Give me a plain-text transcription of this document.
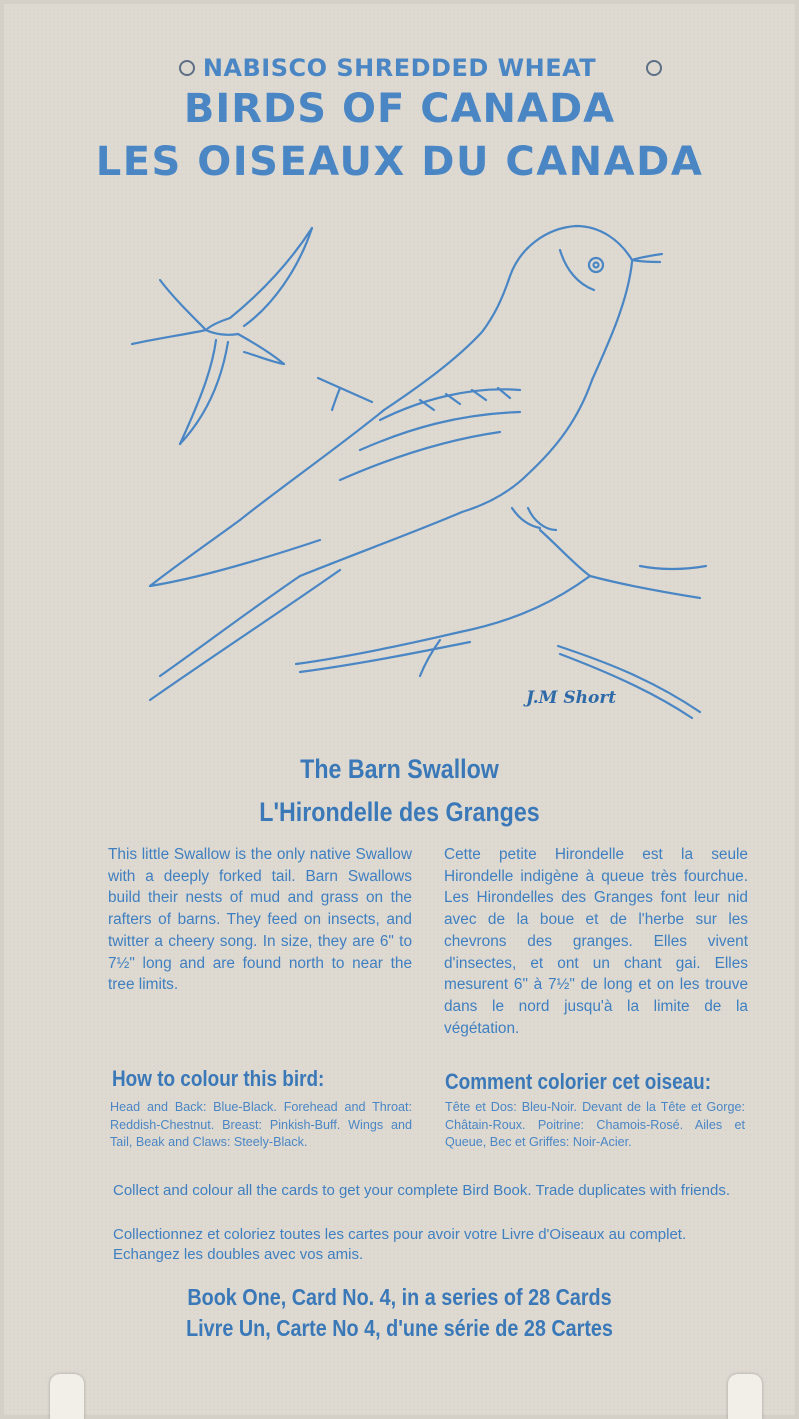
NABISCO SHREDDED WHEAT
BIRDS OF CANADA
LES OISEAUX DU CANADA
J.M Short
The Barn Swallow
L'Hirondelle des Granges
This little Swallow is the only native Swallow with a deeply forked tail. Barn Swallows build their nests of mud and grass on the rafters of barns. They feed on insects, and twitter a cheery song. In size, they are 6" to 7½" long and are found north to near the tree limits.
Cette petite Hirondelle est la seule Hirondelle indigène à queue très fourchue. Les Hirondelles des Granges font leur nid avec de la boue et de l'herbe sur les chevrons des granges. Elles vivent d'insectes, et ont un chant gai. Elles mesurent 6" à 7½" de long et on les trouve dans le nord jusqu'à la limite de la végétation.
How to colour this bird:	Comment colorier cet oiseau:
Head and Back: Blue-Black. Forehead and Throat: Reddish-Chestnut. Breast: Pinkish-Buff. Wings and Tail, Beak and Claws: Steely-Black.
Tête et Dos: Bleu-Noir. Devant de la Tête et Gorge: Châtain-Roux. Poitrine: Chamois-Rosé. Ailes et Queue, Bec et Griffes: Noir-Acier.
Collect and colour all the cards to get your complete Bird Book. Trade duplicates with friends.
Collectionnez et coloriez toutes les cartes pour avoir votre Livre d'Oiseaux au complet. Echangez les doubles avec vos amis.
Book One, Card No. 4, in a series of 28 Cards
Livre Un, Carte No 4, d'une série de 28 Cartes
